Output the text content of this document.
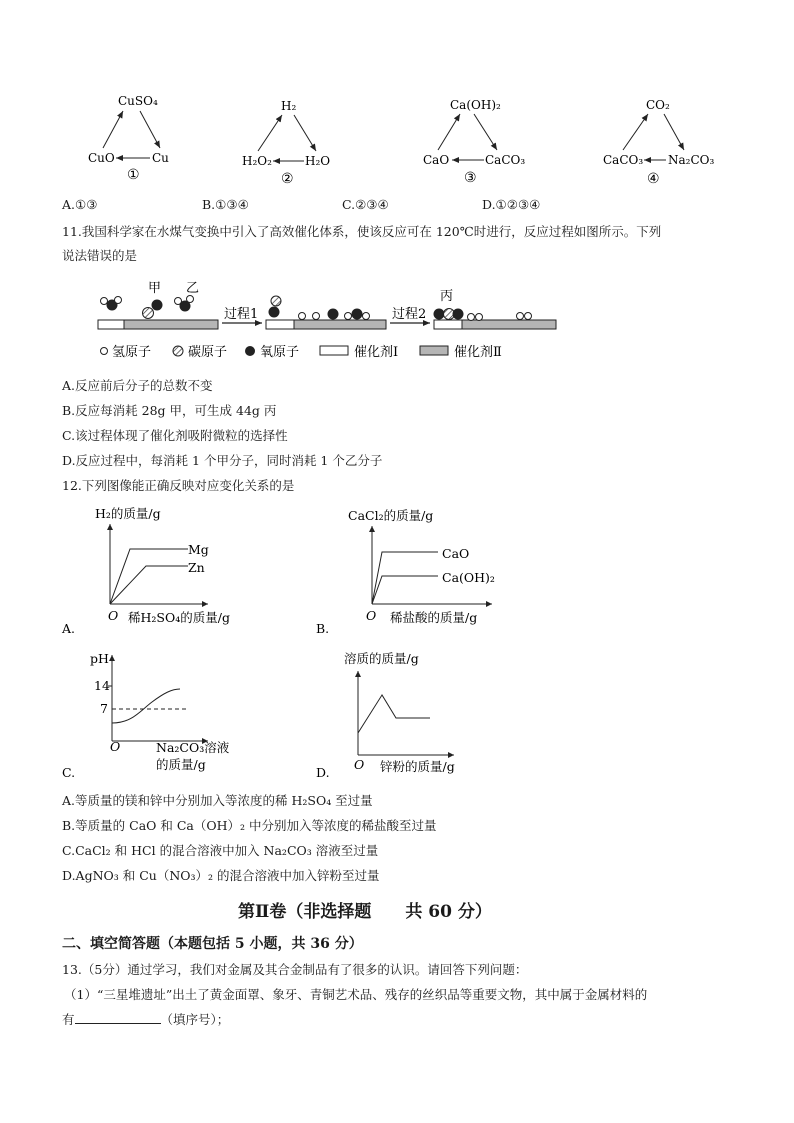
CuSO₄
CuO	Cu
①
H₂
H₂O₂	H₂O
②
Ca(OH)₂
CaO	CaCO₃
③
CO₂
CaCO₃ Na₂CO₃
④
A.①③	B.①③④	C.②③④	D.①②③④
11.我国科学家在水煤气变换中引入了高效催化体系，使该反应可在 120℃时进行，反应过程如图所示。下列
说法错误的是
甲 乙
过程1	过程2
丙
氢原子	碳原子	氧原子	催化剂Ⅰ	催化剂Ⅱ
A.反应前后分子的总数不变
B.反应每消耗 28g 甲，可生成 44g 丙
C.该过程体现了催化剂吸附微粒的选择性
D.反应过程中，每消耗 1 个甲分子，同时消耗 1 个乙分子
12.下列图像能正确反映对应变化关系的是
H₂的质量/g
O 稀H₂SO₄的质量/g
Mg
Zn
A.
CaCl₂的质量/g
O 稀盐酸的质量/g
CaO
Ca(OH)₂
B.
pH
14
7
O	Na₂CO₃溶液
的质量/g
C.
溶质的质量/g
O 锌粉的质量/g
D.
A.等质量的镁和锌中分别加入等浓度的稀 H₂SO₄ 至过量
B.等质量的 CaO 和 Ca（OH）₂ 中分别加入等浓度的稀盐酸至过量
C.CaCl₂ 和 HCl 的混合溶液中加入 Na₂CO₃ 溶液至过量
D.AgNO₃ 和 Cu（NO₃）₂ 的混合溶液中加入锌粉至过量
第Ⅱ卷（非选择题　　共 60 分）
二、填空简答题（本题包括 5 小题，共 36 分）
13.（5分）通过学习，我们对金属及其合金制品有了很多的认识。请回答下列问题：
（1）“三星堆遗址”出土了黄金面罩、象牙、青铜艺术品、残存的丝织品等重要文物，其中属于金属材料的
有	（填序号）；
